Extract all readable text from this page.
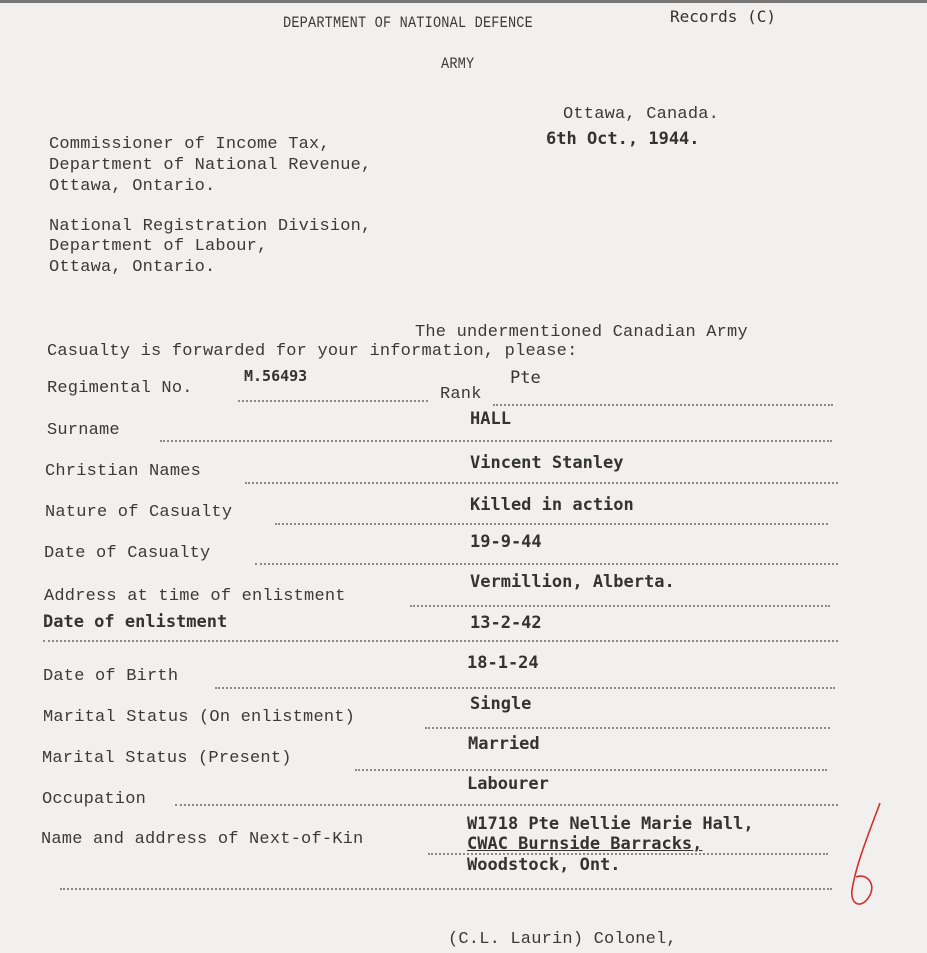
DEPARTMENT OF NATIONAL DEFENCE	Records (C)
ARMY
Ottawa, Canada.
6th Oct., 1944.
Commissioner of Income Tax,
Department of National Revenue,
Ottawa, Ontario.
National Registration Division,
Department of Labour,
Ottawa, Ontario.
The undermentioned Canadian Army
Casualty is forwarded for your information, please:
Regimental No.
M.56493
Rank
Pte
Surname
HALL
Christian Names	Vincent Stanley
Nature of Casualty	Killed in action
Date of Casualty
19-9-44
Address at time of enlistment
Vermillion, Alberta.
Date of enlistment	13-2-42
Date of Birth
18-1-24
Marital Status (On enlistment)
Single
Marital Status (Present)
Married
Occupation
Labourer
Name and address of Next-of-Kin
W1718 Pte Nellie Marie Hall,
CWAC Burnside Barracks,
Woodstock, Ont.
(C.L. Laurin) Colonel,
